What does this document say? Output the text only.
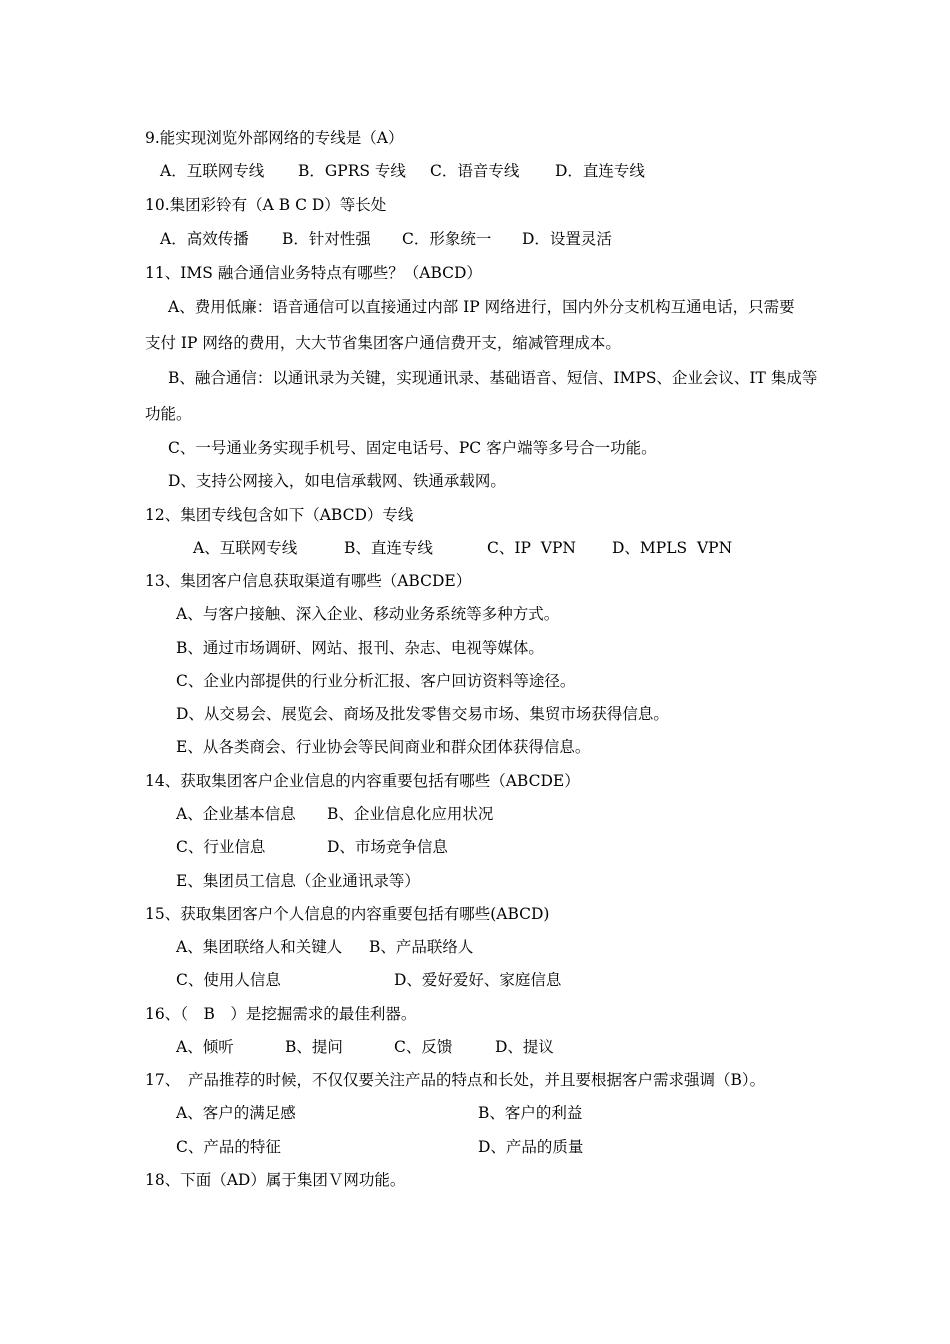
9.能实现浏览外部网络的专线是（A）

A．互联网专线

B．GPRS 专线

C．语音专线

D．直连专线

10.集团彩铃有（A B C D）等长处

A．高效传播

B．针对性强

C．形象统一

D．设置灵活

11、IMS 融合通信业务特点有哪些？（ABCD）
A、费用低廉：语音通信可以直接通过内部 IP 网络进行，国内外分支机构互通电话，只需要
支付 IP 网络的费用，大大节省集团客户通信费开支，缩减管理成本。
B、融合通信：以通讯录为关键，实现通讯录、基础语音、短信、IMPS、企业会议、IT 集成等
功能。
C、一号通业务实现手机号、固定电话号、PC 客户端等多号合一功能。
D、支持公网接入，如电信承载网、铁通承载网。
12、集团专线包含如下（ABCD）专线

A、互联网专线

	B、直连专线

	C、IP  VPN

D、MPLS  VPN

13、集团客户信息获取渠道有哪些（ABCDE）
A、与客户接触、深入企业、移动业务系统等多种方式。
B、通过市场调研、网站、报刊、杂志、电视等媒体。
C、企业内部提供的行业分析汇报、客户回访资料等途径。
D、从交易会、展览会、商场及批发零售交易市场、集贸市场获得信息。
E、从各类商会、行业协会等民间商业和群众团体获得信息。
14、获取集团客户企业信息的内容重要包括有哪些（ABCDE）

A、企业基本信息

B、企业信息化应用状况

C、行业信息

	D、市场竞争信息

E、集团员工信息（企业通讯录等）
15、获取集团客户个人信息的内容重要包括有哪些(ABCD)

A、集团联络人和关键人

B、产品联络人

C、使用人信息

	D、爱好爱好、家庭信息

16、（　B　）是挖掘需求的最佳利器。

A、倾听

	B、提问

	C、反馈

	D、提议

17、　产品推荐的时候，不仅仅要关注产品的特点和长处，并且要根据客户需求强调（B）。

A、客户的满足感

	B、客户的利益

C、产品的特征

	D、产品的质量

18、下面（AD）属于集团Ｖ网功能。
